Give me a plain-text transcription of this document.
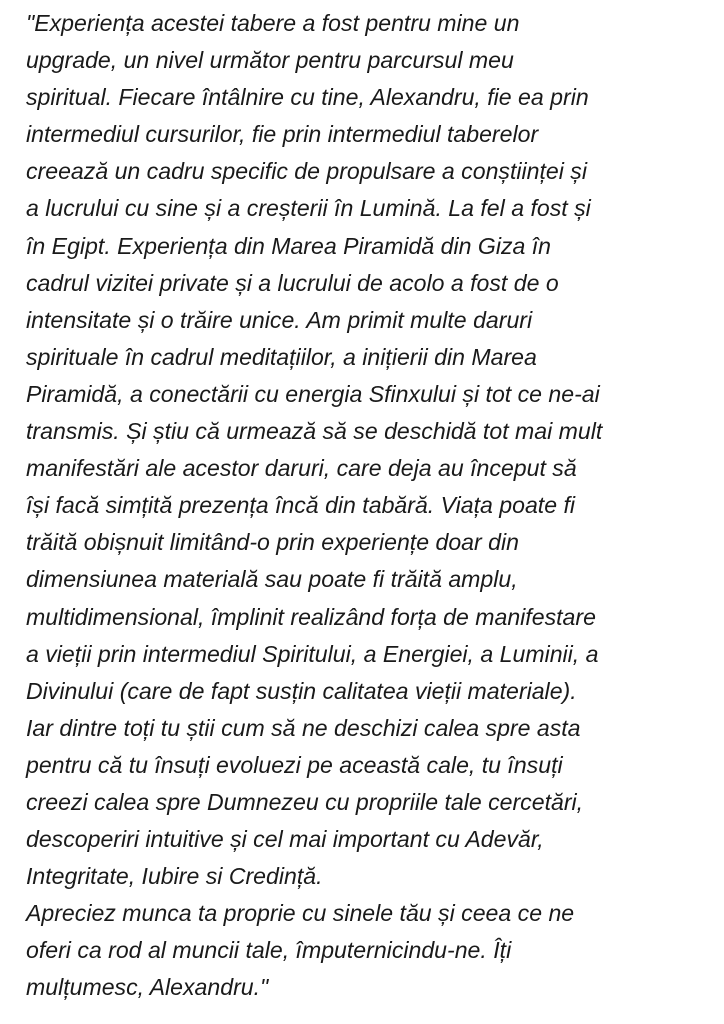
"Experiența acestei tabere a fost pentru mine un
upgrade, un nivel următor pentru parcursul meu
spiritual. Fiecare întâlnire cu tine, Alexandru, fie ea prin
intermediul cursurilor, fie prin intermediul taberelor
creează un cadru specific de propulsare a conștiinței și
a lucrului cu sine și a creșterii în Lumină. La fel a fost și
în Egipt. Experiența din Marea Piramidă din Giza în
cadrul vizitei private și a lucrului de acolo a fost de o
intensitate și o trăire unice. Am primit multe daruri
spirituale în cadrul meditațiilor, a inițierii din Marea
Piramidă, a conectării cu energia Sfinxului și tot ce ne-ai
transmis. Și știu că urmează să se deschidă tot mai mult
manifestări ale acestor daruri, care deja au început să
își facă simțită prezența încă din tabără. Viața poate fi
trăită obișnuit limitând-o prin experiențe doar din
dimensiunea materială sau poate fi trăită amplu,
multidimensional, împlinit realizând forța de manifestare
a vieții prin intermediul Spiritului, a Energiei, a Luminii, a
Divinului (care de fapt susțin calitatea vieții materiale).
Iar dintre toți tu știi cum să ne deschizi calea spre asta
pentru că tu însuți evoluezi pe această cale, tu însuți
creezi calea spre Dumnezeu cu propriile tale cercetări,
descoperiri intuitive și cel mai important cu Adevăr,
Integritate, Iubire si Credință.
Apreciez munca ta proprie cu sinele tău și ceea ce ne
oferi ca rod al muncii tale, împuternicindu-ne. Îți
mulțumesc, Alexandru."
